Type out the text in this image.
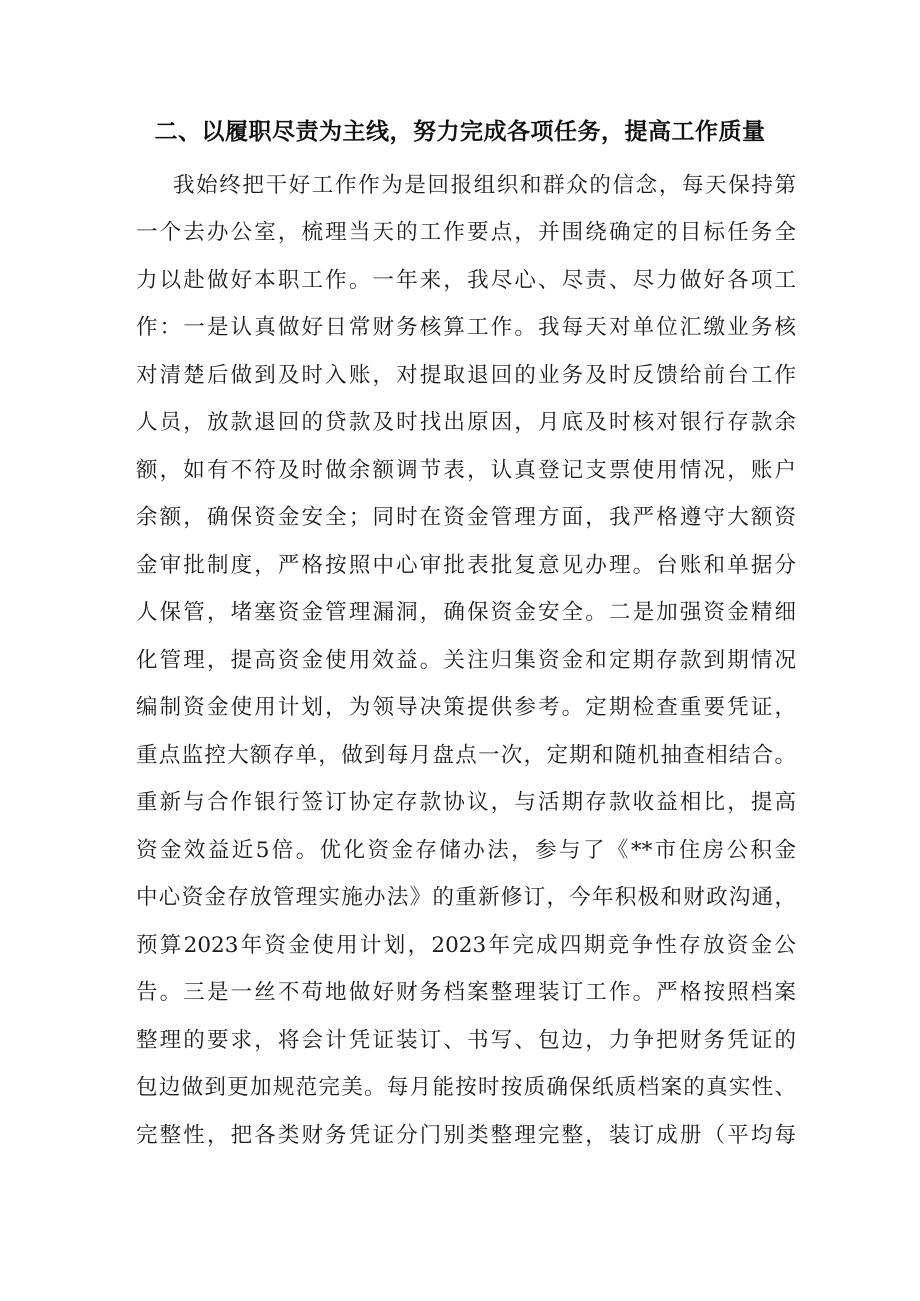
二、以履职尽责为主线，努力完成各项任务，提高工作质量
我始终把干好工作作为是回报组织和群众的信念，每天保持第
一个去办公室，梳理当天的工作要点，并围绕确定的目标任务全
力以赴做好本职工作。一年来，我尽心、尽责、尽力做好各项工
作：一是认真做好日常财务核算工作。我每天对单位汇缴业务核
对清楚后做到及时入账，对提取退回的业务及时反馈给前台工作
人员，放款退回的贷款及时找出原因，月底及时核对银行存款余
额，如有不符及时做余额调节表，认真登记支票使用情况，账户
余额，确保资金安全；同时在资金管理方面，我严格遵守大额资
金审批制度，严格按照中心审批表批复意见办理。台账和单据分
人保管，堵塞资金管理漏洞，确保资金安全。二是加强资金精细
化管理，提高资金使用效益。关注归集资金和定期存款到期情况
编制资金使用计划，为领导决策提供参考。定期检查重要凭证，
重点监控大额存单，做到每月盘点一次，定期和随机抽查相结合。
重新与合作银行签订协定存款协议，与活期存款收益相比，提高
资金效益近5倍。优化资金存储办法，参与了《**市住房公积金
中心资金存放管理实施办法》的重新修订，今年积极和财政沟通，
预算2023年资金使用计划，2023年完成四期竞争性存放资金公
告。三是一丝不苟地做好财务档案整理装订工作。严格按照档案
整理的要求，将会计凭证装订、书写、包边，力争把财务凭证的
包边做到更加规范完美。每月能按时按质确保纸质档案的真实性、
完整性，把各类财务凭证分门别类整理完整，装订成册（平均每
